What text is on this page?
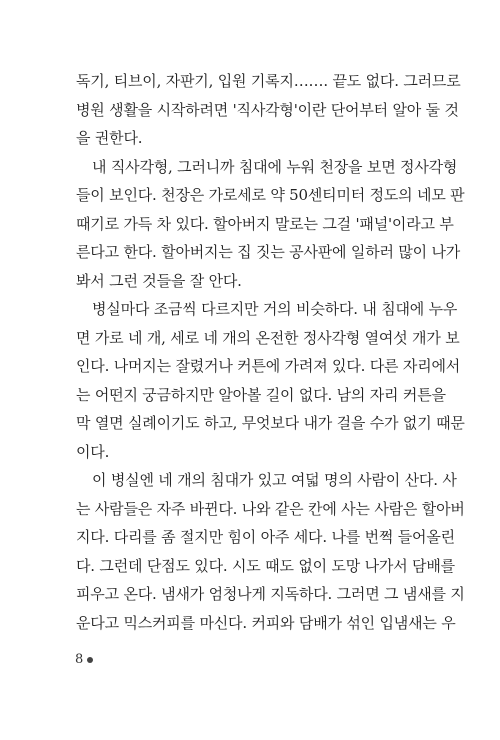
독기, 티브이, 자판기, 입원 기록지……. 끝도 없다. 그러므로
병원 생활을 시작하려면 '직사각형'이란 단어부터 알아 둘 것
을 권한다.
내 직사각형, 그러니까 침대에 누워 천장을 보면 정사각형
들이 보인다. 천장은 가로세로 약 50센티미터 정도의 네모 판
때기로 가득 차 있다. 할아버지 말로는 그걸 '패널'이라고 부
른다고 한다. 할아버지는 집 짓는 공사판에 일하러 많이 나가
봐서 그런 것들을 잘 안다.
병실마다 조금씩 다르지만 거의 비슷하다. 내 침대에 누우
면 가로 네 개, 세로 네 개의 온전한 정사각형 열여섯 개가 보
인다. 나머지는 잘렸거나 커튼에 가려져 있다. 다른 자리에서
는 어떤지 궁금하지만 알아볼 길이 없다. 남의 자리 커튼을
막 열면 실례이기도 하고, 무엇보다 내가 걸을 수가 없기 때문
이다.
이 병실엔 네 개의 침대가 있고 여덟 명의 사람이 산다. 사
는 사람들은 자주 바뀐다. 나와 같은 칸에 사는 사람은 할아버
지다. 다리를 좀 절지만 힘이 아주 세다. 나를 번쩍 들어올린
다. 그런데 단점도 있다. 시도 때도 없이 도망 나가서 담배를
피우고 온다. 냄새가 엄청나게 지독하다. 그러면 그 냄새를 지
운다고 믹스커피를 마신다. 커피와 담배가 섞인 입냄새는 우
8
